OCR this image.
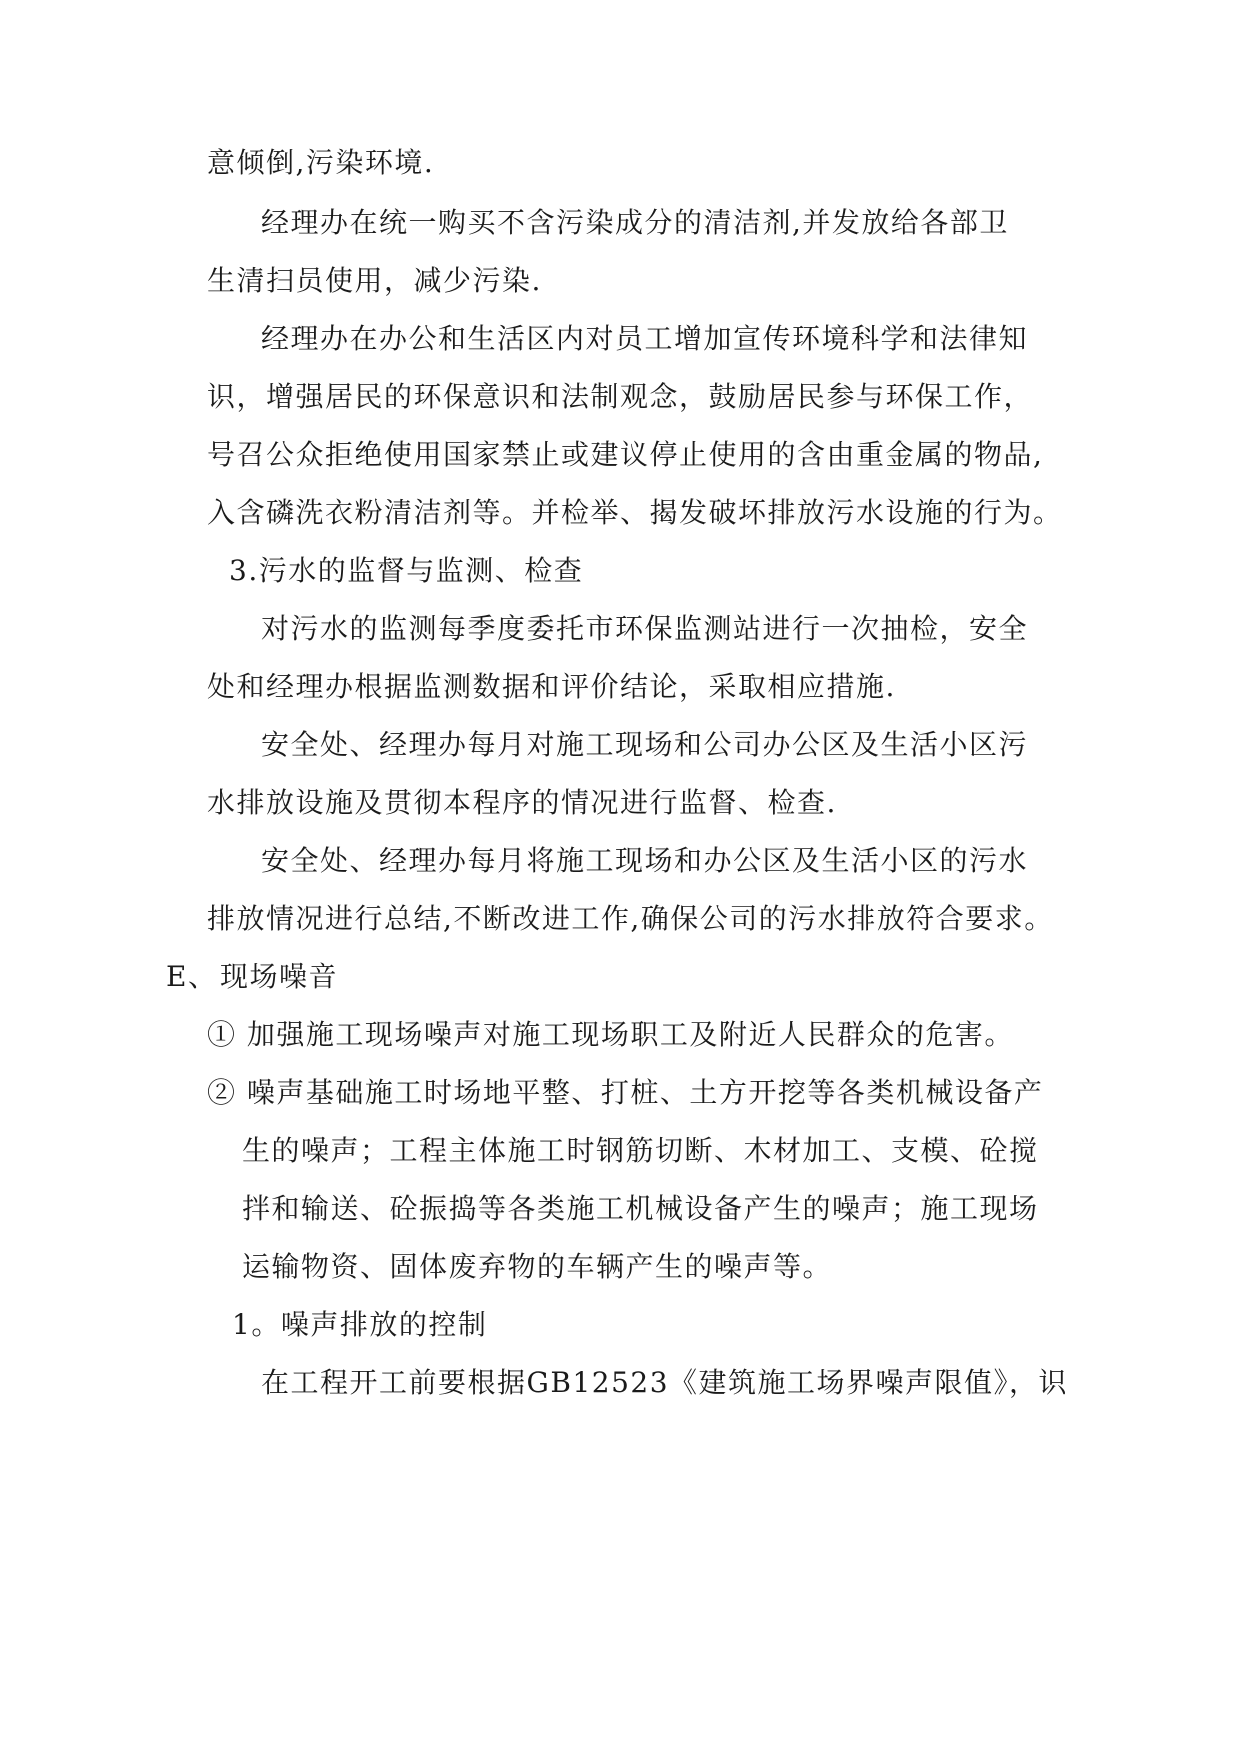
意倾倒,污染环境.
经理办在统一购买不含污染成分的清洁剂,并发放给各部卫
生清扫员使用，减少污染.
经理办在办公和生活区内对员工增加宣传环境科学和法律知
识，增强居民的环保意识和法制观念，鼓励居民参与环保工作，
号召公众拒绝使用国家禁止或建议停止使用的含由重金属的物品,
入含磷洗衣粉清洁剂等。并检举、揭发破坏排放污水设施的行为。
3.污水的监督与监测、检查
对污水的监测每季度委托市环保监测站进行一次抽检，安全
处和经理办根据监测数据和评价结论，采取相应措施.
安全处、经理办每月对施工现场和公司办公区及生活小区污
水排放设施及贯彻本程序的情况进行监督、检查.
安全处、经理办每月将施工现场和办公区及生活小区的污水
排放情况进行总结,不断改进工作,确保公司的污水排放符合要求。
E、 现场噪音
① 加强施工现场噪声对施工现场职工及附近人民群众的危害。
② 噪声基础施工时场地平整、打桩、土方开挖等各类机械设备产
生的噪声；工程主体施工时钢筋切断、木材加工、支模、砼搅
拌和输送、砼振捣等各类施工机械设备产生的噪声；施工现场
运输物资、固体废弃物的车辆产生的噪声等。
1。噪声排放的控制
在工程开工前要根据GB12523《建筑施工场界噪声限值》，识
